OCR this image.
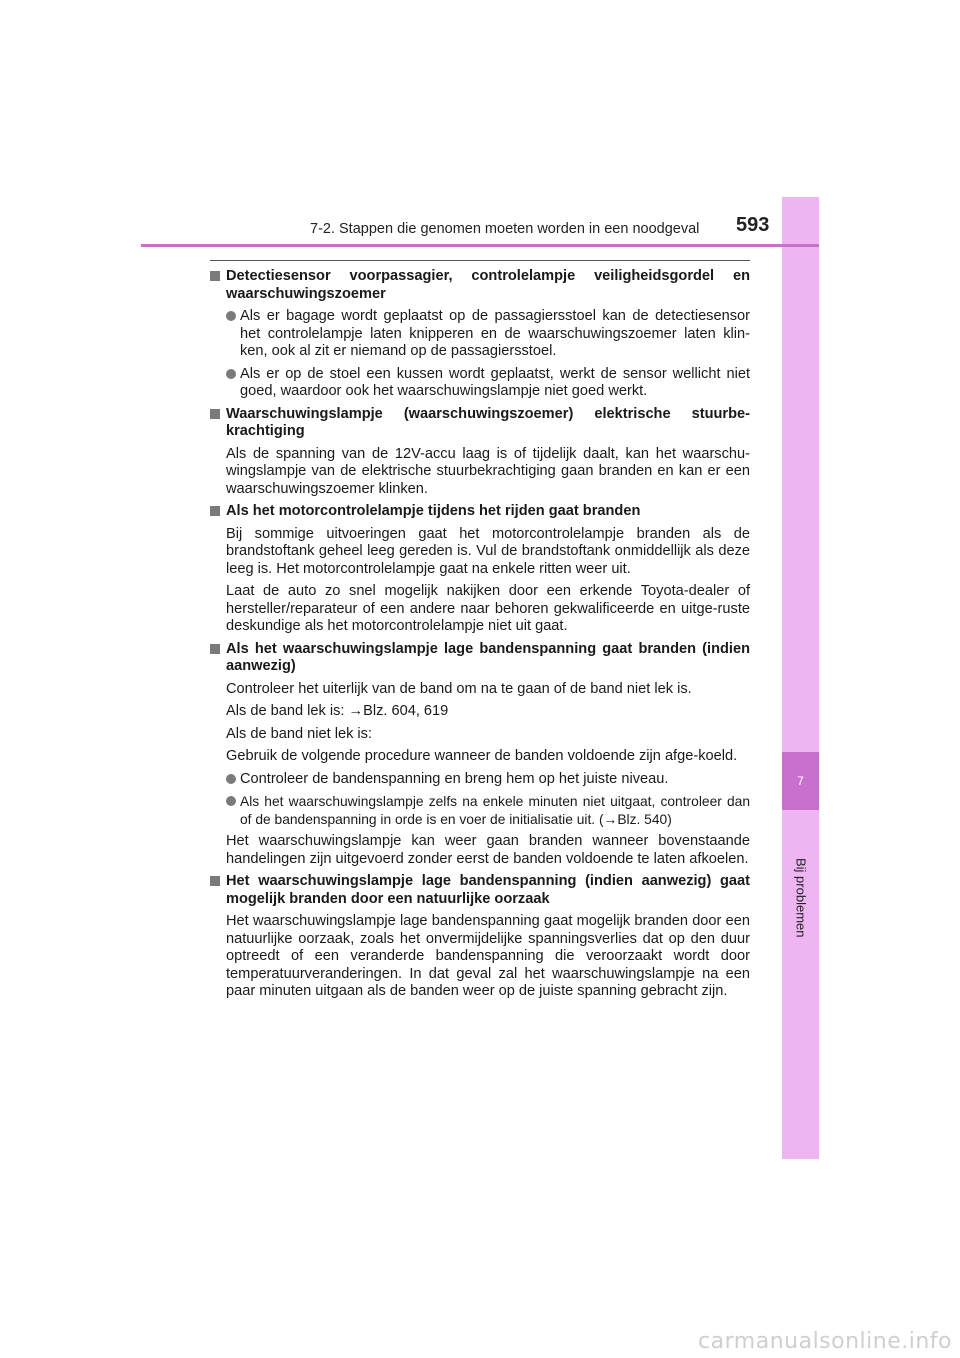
7
Bij problemen
7-2. Stappen die genomen moeten worden in een noodgeval 593
Detectiesensor voorpassagier, controlelampje veiligheidsgordel en waarschuwingszoemer
Als er bagage wordt geplaatst op de passagiersstoel kan de detectiesensor het controlelampje laten knipperen en de waarschuwingszoemer laten klin-ken, ook al zit er niemand op de passagiersstoel.
Als er op de stoel een kussen wordt geplaatst, werkt de sensor wellicht niet goed, waardoor ook het waarschuwingslampje niet goed werkt.
Waarschuwingslampje (waarschuwingszoemer) elektrische stuurbe-krachtiging
Als de spanning van de 12V-accu laag is of tijdelijk daalt, kan het waarschu-wingslampje van de elektrische stuurbekrachtiging gaan branden en kan er een waarschuwingszoemer klinken.
Als het motorcontrolelampje tijdens het rijden gaat branden
Bij sommige uitvoeringen gaat het motorcontrolelampje branden als de brandstoftank geheel leeg gereden is. Vul de brandstoftank onmiddellijk als deze leeg is. Het motorcontrolelampje gaat na enkele ritten weer uit.
Laat de auto zo snel mogelijk nakijken door een erkende Toyota-dealer of hersteller/reparateur of een andere naar behoren gekwalificeerde en uitge-ruste deskundige als het motorcontrolelampje niet uit gaat.
Als het waarschuwingslampje lage bandenspanning gaat branden (indien aanwezig)
Controleer het uiterlijk van de band om na te gaan of de band niet lek is.
Als de band lek is: →Blz. 604, 619
Als de band niet lek is:
Gebruik de volgende procedure wanneer de banden voldoende zijn afge-koeld.
Controleer de bandenspanning en breng hem op het juiste niveau.
Als het waarschuwingslampje zelfs na enkele minuten niet uitgaat, controleer dan of de bandenspanning in orde is en voer de initialisatie uit. (→Blz. 540)
Het waarschuwingslampje kan weer gaan branden wanneer bovenstaande handelingen zijn uitgevoerd zonder eerst de banden voldoende te laten afkoelen.
Het waarschuwingslampje lage bandenspanning (indien aanwezig) gaat mogelijk branden door een natuurlijke oorzaak
Het waarschuwingslampje lage bandenspanning gaat mogelijk branden door een natuurlijke oorzaak, zoals het onvermijdelijke spanningsverlies dat op den duur optreedt of een veranderde bandenspanning die veroorzaakt wordt door temperatuurveranderingen. In dat geval zal het waarschuwingslampje na een paar minuten uitgaan als de banden weer op de juiste spanning gebracht zijn.
carmanualsonline.info
